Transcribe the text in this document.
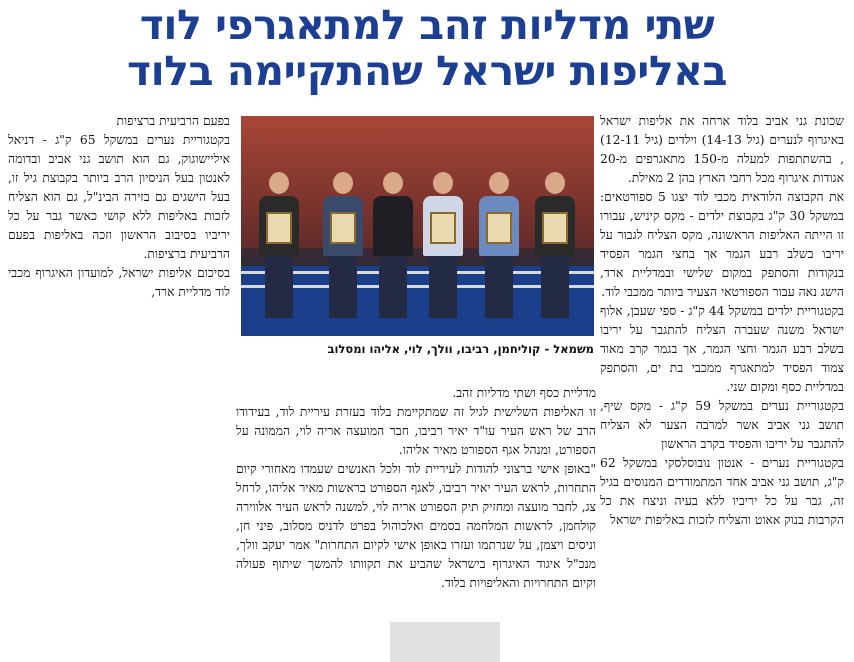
שתי מדליות זהב למתאגרפי לוד
באליפות ישראל שהתקיימה בלוד

שכונת גני אביב בלוד ארחה את אליפות ישראל באיגרוף לנערים (גיל 14-13) וילדים (גיל 12-11) , בהשתתפות למעלה מ-150 מתאגרפים מ-20 אגודות איגרוף מכל רחבי הארץ בהן 2 מאילת.

את הקבוצה הלודאית מכבי לוד יצגו 5 ספורטאים: במשקל 30 ק"ג בקבוצת ילדים - מקס קיניש, עבורו זו הייתה האליפות הראשונה, מקס הצליח לגבור על יריבו בשלב רבע הגמר אך בחצי הגמר הפסיד בנקודות והסתפק במקום שלישי ובמדליית ארד, הישג נאה עבור הספורטאי הצעיר ביותר ממכבי לוד.

בקטגוריית ילדים במשקל 44 ק"ג - ספי שעבן, אלוף ישראל משנה שעברה הצליח להתגבר על יריבו בשלב רבע הגמר וחצי הגמר, אך בגמר קרב מאוד צמוד הפסיד למתאגרף ממכבי בת ים, והסתפק במדליית כסף ומקום שני.

בקטגוריית נערים במשקל 59 ק"ג - מקס שיף, תושב גני אביב אשר למרבה הצער לא הצליח להתגבר על יריבו והפסיד בקרב הראשון

בקטגוריית נערים - אנטון נובוסלסקי במשקל 62 ק"ג, תושב גני אביב אחד המתמודדים המנוסים בגיל זה, גבר על כל יריביו ללא בעיה וניצח את כל הקרבות בנוק אאוט והצליח לזכות באליפות ישראל

משמאל - קוליחמן, רביבו, וולך, לוי, אליהו ומסלוב

בפעם הרביעית ברציפות

בקטגוריית נערים במשקל 65 ק"ג - דניאל איליישוגוק, גם הוא תושב גני אביב ובדומה לאנטון בעל הניסיון הרב ביותר בקבוצת גיל זו, בעל הישגים גם בזירה הבינ"ל, גם הוא הצליח לזכות באליפות ללא קושי כאשר גבר על כל יריביו בסיבוב הראשון וזכה באליפות בפעם הרביעית ברציפות.

בסיכום אליפות ישראל, למועדון האיגרוף מכבי לוד מדליית ארד,

מדליית כסף ושתי מדליות זהב.

זו האליפות השלישית לגיל זה שמתקיימת בלוד בעזרת עיריית לוד, בעידודו הרב של ראש העיר עו"ד יאיר רביבו, חבר המועצה אריה לוי, הממונה על הספורט, ומנהל אגף הספורט מאיר אליהו.

"באופן אישי ברצוני להודות לעיריית לוד ולכל האנשים שעמדו מאחורי קיום התחרות, לראש העיר יאיר רביבו, לאגף הספורט בראשות מאיר אליהו, לרחל צג, לחבר מועצה ומחזיק תיק הספורט אריה לוי, למשנה לראש העיר אלווירה קולחמן, לראשות המלחמה בסמים ואלכוהול בפרט לדניס מסלוב, פיני חן, וניסים ויצמן, על שנרתמו ועזרו באופן אישי לקיום התחרות" אמר יעקב וולך, מנכ"ל איגוד האיגרוף בישראל שהביע את תקוותו להמשך שיתוף פעולה וקיום התחרויות והאליפויות בלוד.
